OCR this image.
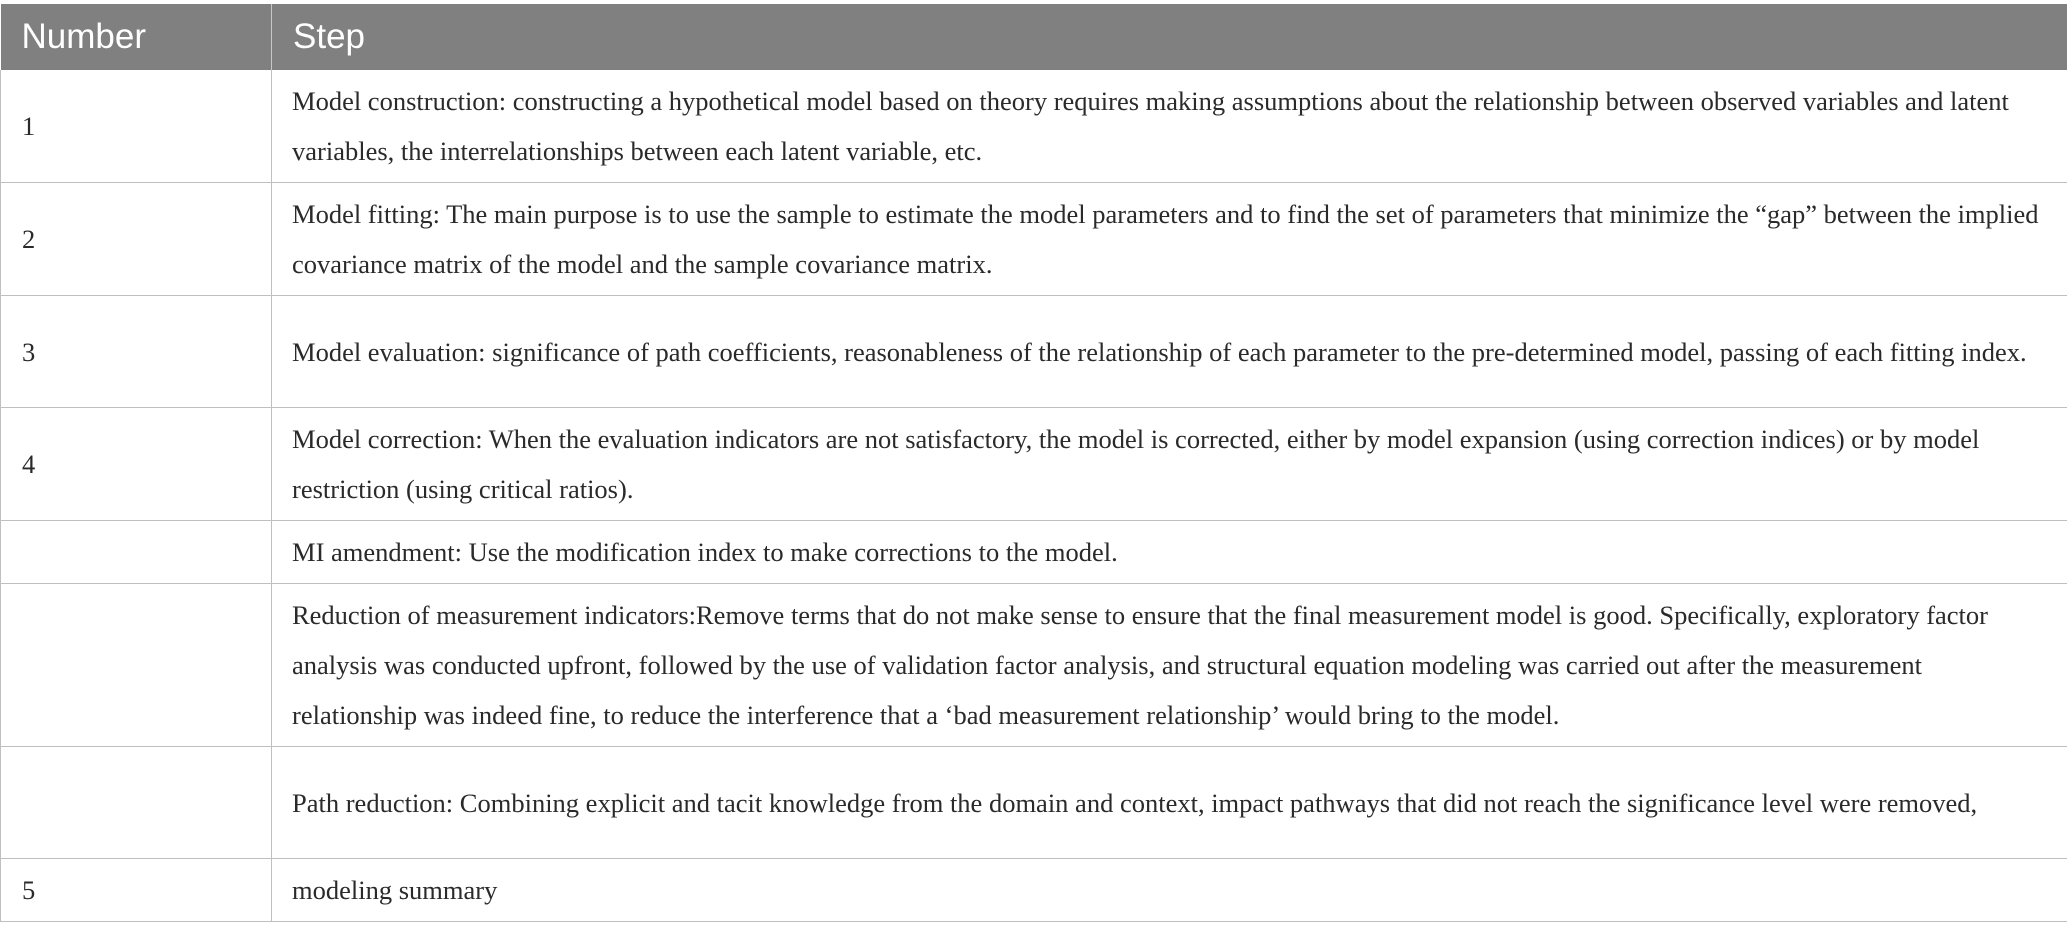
Number	Step
1	Model construction: constructing a hypothetical model based on theory requires making assumptions about the relationship between observed variables and latent variables, the interrelationships between each latent variable, etc.
2	Model fitting: The main purpose is to use the sample to estimate the model parameters and to find the set of parameters that minimize the “gap” between the implied covariance matrix of the model and the sample covariance matrix.
3	Model evaluation: significance of path coefficients, reasonableness of the relationship of each parameter to the pre-determined model, passing of each fitting index.
4	Model correction: When the evaluation indicators are not satisfactory, the model is corrected, either by model expansion (using correction indices) or by model restriction (using critical ratios).
	MI amendment: Use the modification index to make corrections to the model.
	Reduction of measurement indicators:Remove terms that do not make sense to ensure that the final measurement model is good. Specifically, exploratory factor analysis was conducted upfront, followed by the use of validation factor analysis, and structural equation modeling was carried out after the measurement relationship was indeed fine, to reduce the interference that a ‘bad measurement relationship’ would bring to the model.
	Path reduction: Combining explicit and tacit knowledge from the domain and context, impact pathways that did not reach the significance level were removed,
5	modeling summary
